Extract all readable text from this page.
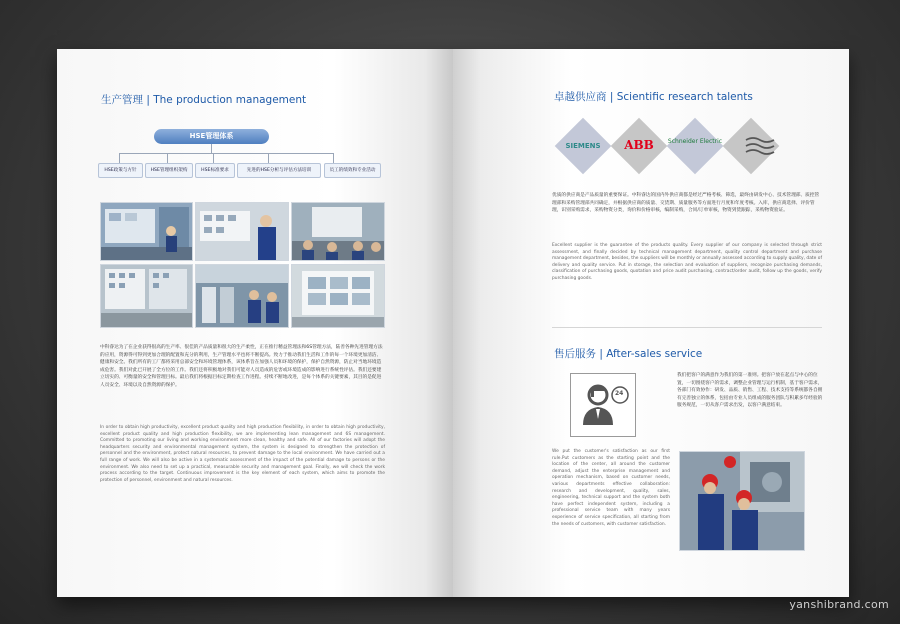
生产管理 | The production management
HSE管理体系
HSE政策与方针	HSE管理组织架构	HSE标准要求	先进的HSE分析与评估方法培训	员工的绩效和专业活动
中科睿达为了在企业获得很高的生产率、很佳的产品质量和很大的生产柔性，正在推行精益管理法和6S管理方法，陆善各种先进管理方法的应用，资源得可得到更加合理的配置和充分的利用，生产管理水平也将不断提高。致力于推动我们生活和工作的每一个环境更加清洁、健康和安全。我们所有的工厂都将采用总部安全和环境管理体系，该体系旨在加强人员和环境的保护，保护自然资源，防止对当地环境造成危害。我们对此已开展了全方位的工作。我们还将积极地对我们可能对人员造成的危害或环境造成的影响进行系统性评估。我们还要建立切实的、可衡量的安全和管理目标。最后我们将根据目标定期检查工作进程。持续不断地改进，是每个体系的关键要素，其目的是促进人员安全、环境以及自然资源的保护。
In order to obtain high productivity, excellent product quality and high production flexibility, in order to obtain high productivity, excellent product quality and high production flexibility, we are implementing lean management and 6S management. Committed to promoting our living and working environment more clean, healthy and safe. All of our factories will adopt the headquarters security and environmental management system, the system is designed to strengthen the protection of personnel and the environment, protect natural resources, to prevent damage to the local environment. We have carried out a full range of work. We will also be active in a systematic assessment of the impact of the potential damage to persons or the environment. We also need to set up a practical, measurable security and management goal. Finally, we will check the work process according to the target. Continuous improvement is the key element of each system, which aims to promote the protection of personnel, environment and natural resources.
卓越供应商 | Scientific research talents
SIEMENS	ABB	Schneider Electric
优质的供应商是产品质量的重要保证。中科睿达的国内外供应商都是经过严格考核、筛选，最终由研发中心、技术管理部、质控管理部和采购管理部共同确定，并根据供应商的质量、交货期、质量服务等方面进行月度和年度考核。入库，供应商选择、评价管理，识别采购需求，采购物资分类，询价和价格审核，编制采购，合同/订单审核，物资到货跟踪，采购物资验证。
Excellent supplier is the guarantee of the products quality. Every supplier of our company is selected through strict assessment, and finally decided by technical management department, quality control department and purchase management department, besides, the suppliers will be monthly or annually assessed according to supply quality, date of delivery and quality service. Put in storage, the selection and evaluation of suppliers, recognize purchasing demands, classification of purchasing goods, quotation and price audit purchasing, contract/order audit, follow up the goods, verify purchasing goods.
售后服务 | After-sales service
我们把客户的满意作为我们的第一准则。把客户放在起点与中心的位置，一切围绕客户的需求，调整企业管理与运行机制，基于客户需求，各部门有效协作：研发、品质、销售、工程、技术支持等系统都各自拥有完善独立的体系，包括由专业人员组成的服务团队与积累多年经验的服务规范，一切从客户需求出发，以客户满意结束。
We put the customer's satisfaction as our first rule.Put customers as the starting point and the location of the center, all around the customer demand, adjust the enterprise management and operation mechanism, based on customer needs, various departments effective collaboration: research and development, quality, sales, engineering, technical support and the system both have perfect independent system, including a professional service team with many years experience of service specification, all starting from the needs of customers, with customer satisfaction.
24
yanshibrand.com
